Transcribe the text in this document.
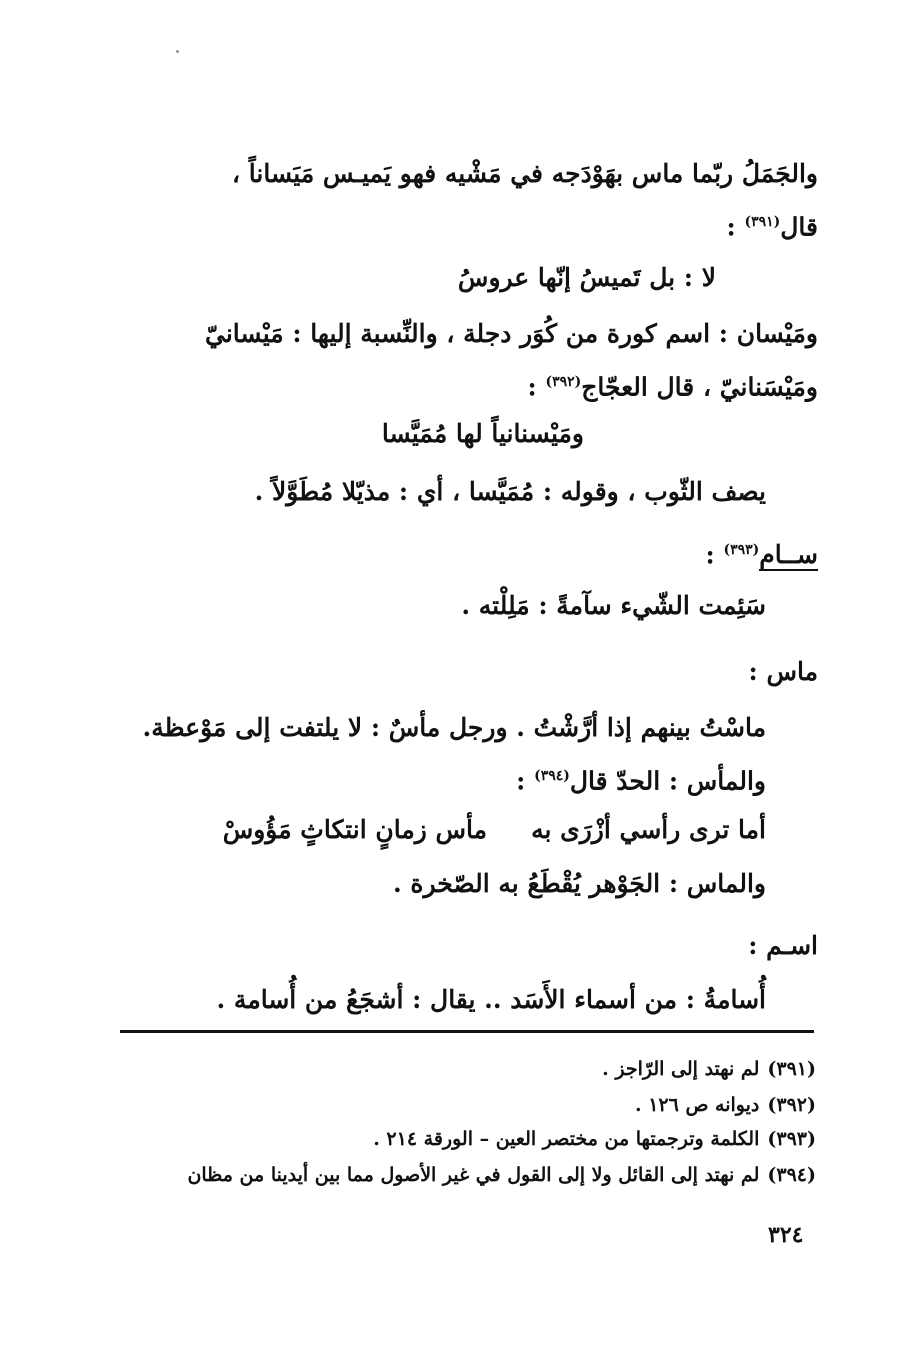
والجَمَلُ ربّما ماس بهَوْدَجه في مَشْيه فهو يَميـس مَيَساناً ،
قال$^{(٣٩١)}$ :
لا : بل تَميسُ إنّها عروسُ
ومَيْسان : اسم كورة من كُوَر دجلة ، والنِّسبة إليها : مَيْسانيّ
ومَيْسَنانيّ ، قال العجّاج$^{(٣٩٢)}$ :
ومَيْسنانياً لها مُمَيَّسا
يصف الثّوب ، وقوله : مُمَيَّسا ، أي : مذيّلا مُطَوَّلاً .
ســام$^{(٣٩٣)}$ :
سَئِمت الشّيء سآمةً : مَلِلْته .
ماس :
ماسْتُ بينهم إذا أرَّشْتُ . ورجل مأسٌ : لا يلتفت إلى مَوْعظة.
والمأس : الحدّ قال$^{(٣٩٤)}$ :
أما ترى رأسي أزْرَى بهمأس زمانٍ انتكاثٍ مَؤُوسْ
والماس : الجَوْهر يُقْطَعُ به الصّخرة .
اسـم :
أُسامةُ : من أسماء الأَسَد .. يقال : أشجَعُ من أُسامة .
(٣٩١)لم نهتد إلى الرّاجز .
(٣٩٢)ديوانه ص ١٢٦ .
(٣٩٣)الكلمة وترجمتها من مختصر العين – الورقة ٢١٤ .
(٣٩٤)لم نهتد إلى القائل ولا إلى القول في غير الأصول مما بين أيدينا من مظان
٣٢٤
